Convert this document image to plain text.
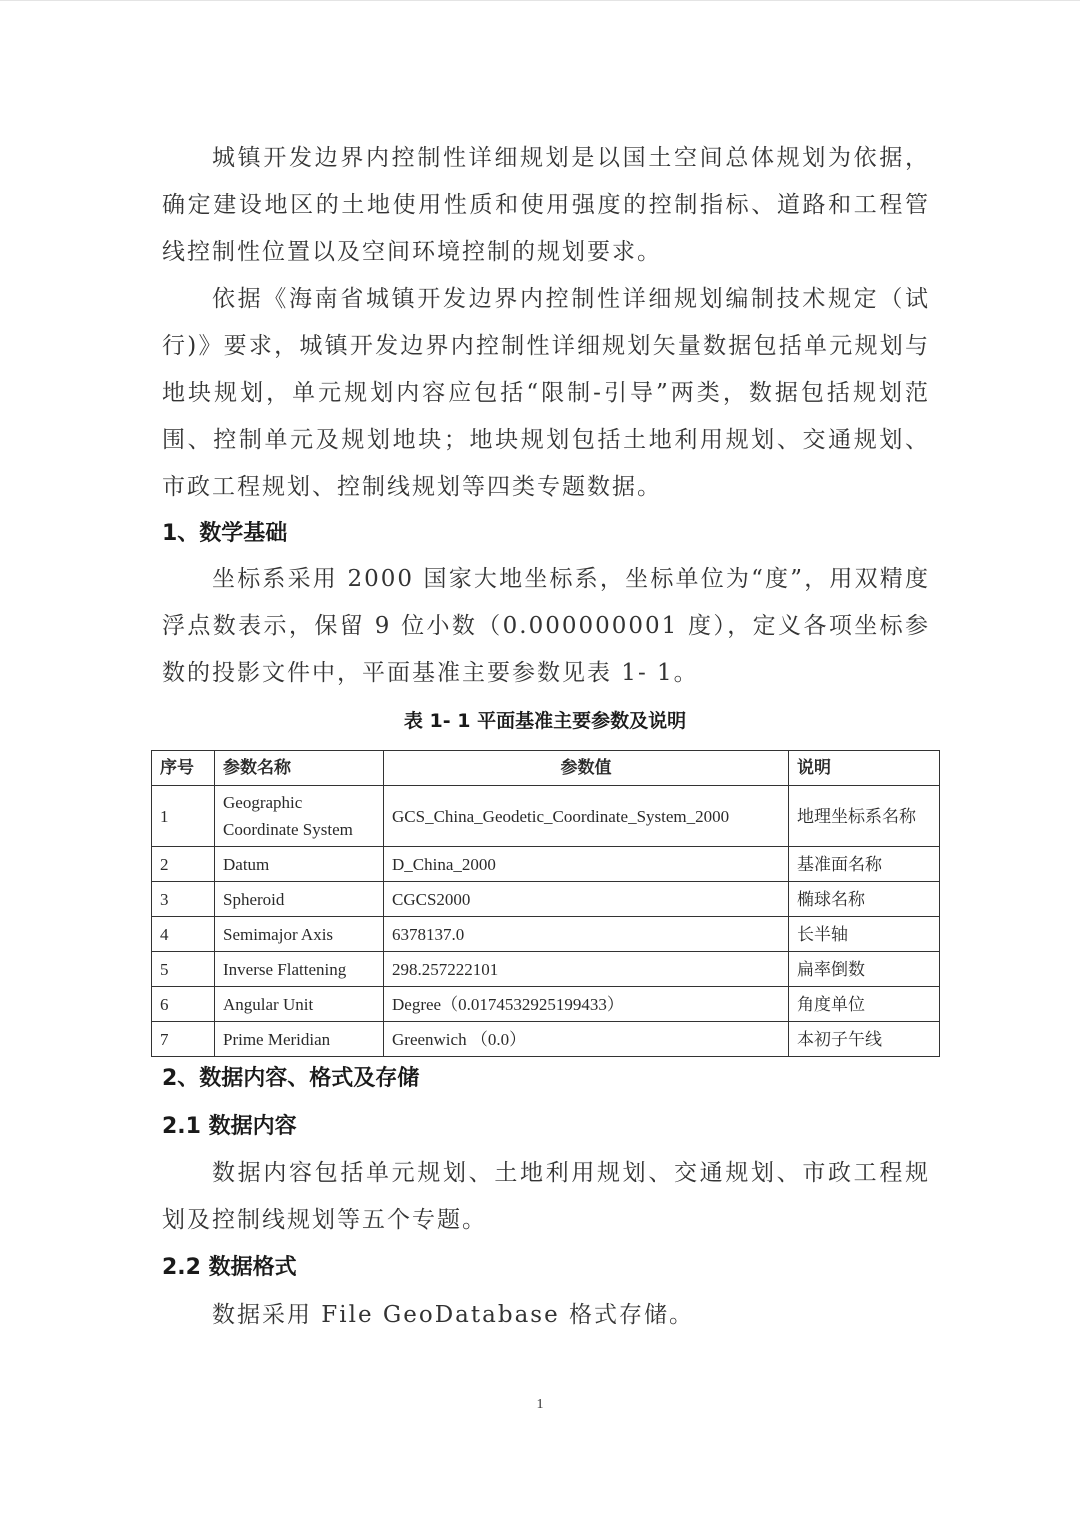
城镇开发边界内控制性详细规划是以国土空间总体规划为依据，确定建设地区的土地使用性质和使用强度的控制指标、道路和工程管线控制性位置以及空间环境控制的规划要求。

依据《海南省城镇开发边界内控制性详细规划编制技术规定（试行)》要求，城镇开发边界内控制性详细规划矢量数据包括单元规划与地块规划，单元规划内容应包括“限制-引导”两类，数据包括规划范围、控制单元及规划地块；地块规划包括土地利用规划、交通规划、市政工程规划、控制线规划等四类专题数据。

1、数学基础

坐标系采用 2000 国家大地坐标系，坐标单位为“度”，用双精度浮点数表示，保留 9 位小数（0.000000001 度），定义各项坐标参数的投影文件中，平面基准主要参数见表 1- 1。

表 1- 1 平面基准主要参数及说明
序号	参数名称	参数值	说明
1	Geographic Coordinate System	GCS_China_Geodetic_Coordinate_System_2000	地理坐标系名称
2	Datum	D_China_2000	基准面名称
3	Spheroid	CGCS2000	椭球名称
4	Semimajor Axis	6378137.0	长半轴
5	Inverse Flattening	298.257222101	扁率倒数
6	Angular Unit	Degree（0.0174532925199433）	角度单位
7	Prime Meridian	Greenwich （0.0）	本初子午线
2、数据内容、格式及存储
2.1 数据内容

数据内容包括单元规划、土地利用规划、交通规划、市政工程规划及控制线规划等五个专题。

2.2 数据格式

数据采用 File GeoDatabase 格式存储。

1
